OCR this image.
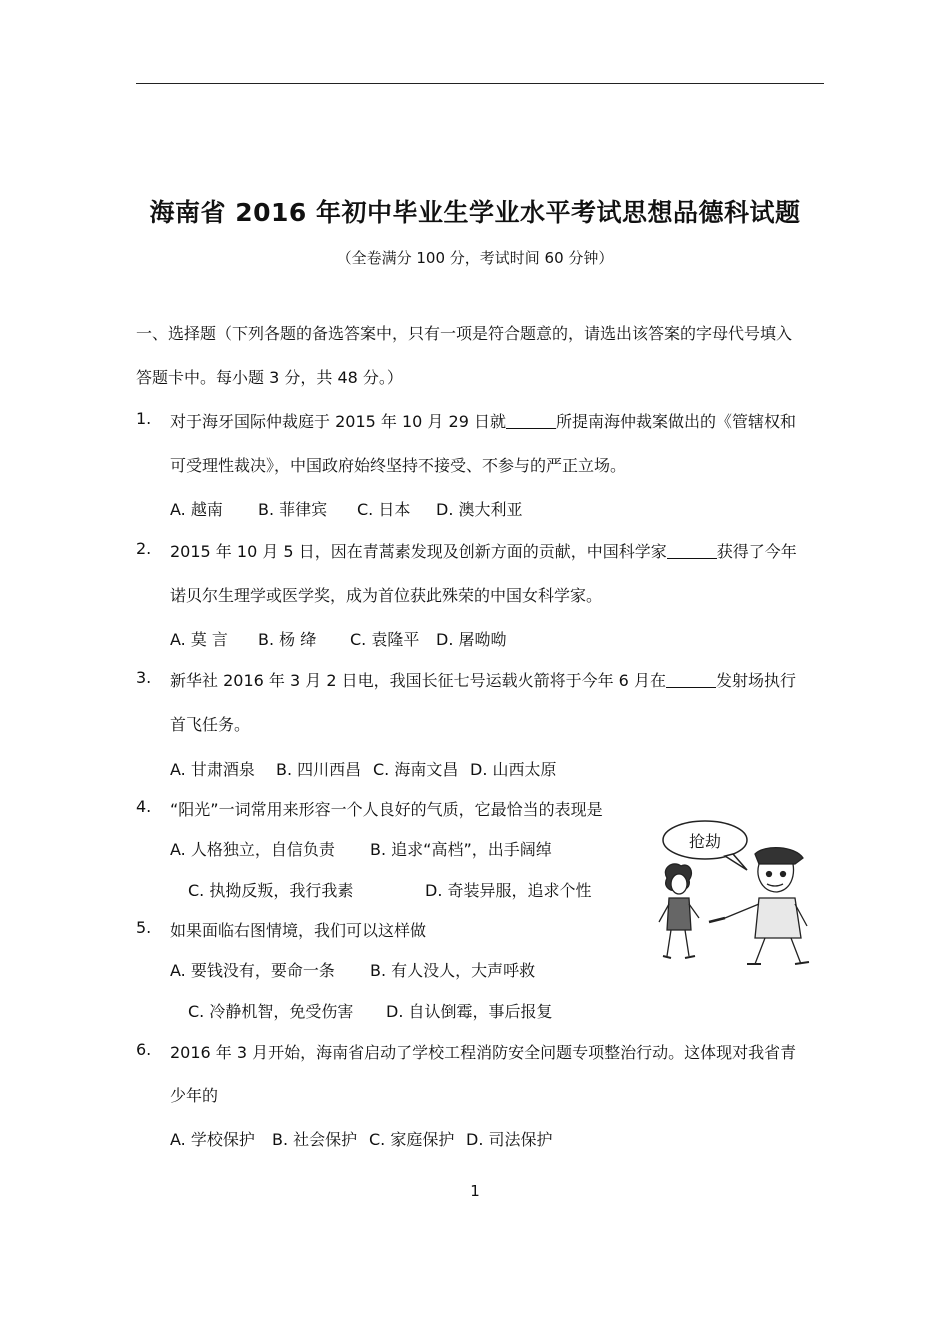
海南省 2016 年初中毕业生学业水平考试思想品德科试题
（全卷满分 100 分，考试时间 60 分钟）
一、选择题（下列各题的备选答案中，只有一项是符合题意的，请选出该答案的字母代号填入
答题卡中。每小题 3 分，共 48 分。）
1. 对于海牙国际仲裁庭于 2015 年 10 月 29 日就	所提南海仲裁案做出的《管辖权和
可受理性裁决》，中国政府始终坚持不接受、不参与的严正立场。
A. 越南 B. 菲律宾 C. 日本 D. 澳大利亚
2. 2015 年 10 月 5 日，因在青蒿素发现及创新方面的贡献，中国科学家	获得了今年
诺贝尔生理学或医学奖，成为首位获此殊荣的中国女科学家。
A. 莫 言 B. 杨 绛 C. 袁隆平 D. 屠呦呦
3. 新华社 2016 年 3 月 2 日电，我国长征七号运载火箭将于今年 6 月在	发射场执行
首飞任务。
A. 甘肃酒泉 B. 四川西昌 C. 海南文昌 D. 山西太原
4. “阳光”一词常用来形容一个人良好的气质，它最恰当的表现是
A. 人格独立，自信负责 B. 追求“高档”，出手阔绰
C. 执拗反叛，我行我素	D. 奇装异服，追求个性
5. 如果面临右图情境，我们可以这样做
A. 要钱没有，要命一条 B. 有人没人，大声呼救
C. 冷静机智，免受伤害 D. 自认倒霉，事后报复
6. 2016 年 3 月开始，海南省启动了学校工程消防安全问题专项整治行动。这体现对我省青
少年的
A. 学校保护 B. 社会保护 C. 家庭保护 D. 司法保护
抢劫
1
